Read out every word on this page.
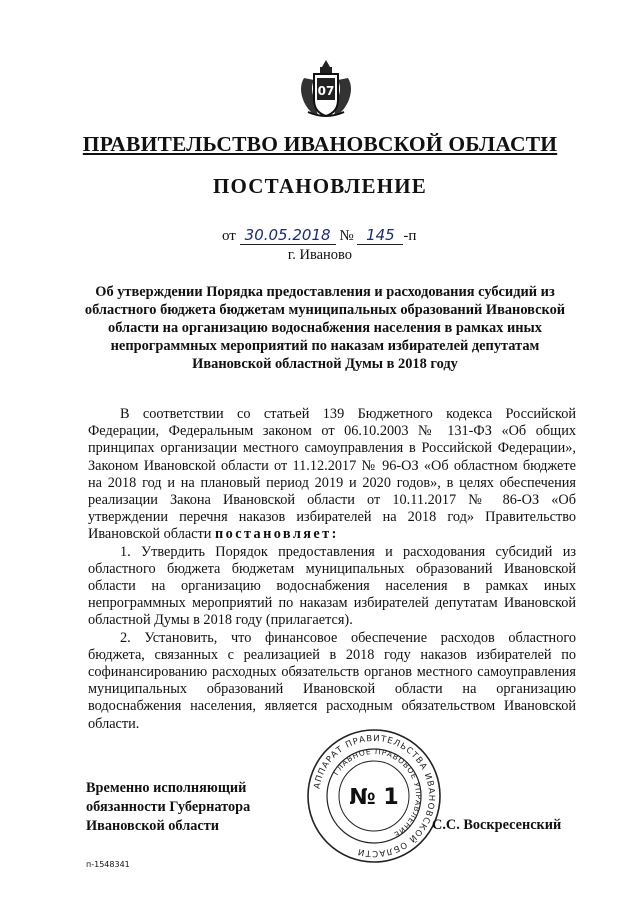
07
ПРАВИТЕЛЬСТВО ИВАНОВСКОЙ ОБЛАСТИ
ПОСТАНОВЛЕНИЕ
от 30.05.2018 № 145 -п
г. Иваново
Об утверждении Порядка предоставления и расходования субсидий из областного бюджета бюджетам муниципальных образований Ивановской области на организацию водоснабжения населения в рамках иных непрограммных мероприятий по наказам избирателей депутатам Ивановской областной Думы в 2018 году

В соответствии со статьей 139 Бюджетного кодекса Российской Федерации, Федеральным законом от 06.10.2003 № 131-ФЗ «Об общих принципах организации местного самоуправления в Российской Федерации», Законом Ивановской области от 11.12.2017 № 96-ОЗ «Об областном бюджете на 2018 год и на плановый период 2019 и 2020 годов», в целях обеспечения реализации Закона Ивановской области от 10.11.2017 № 86-ОЗ «Об утверждении перечня наказов избирателей на 2018 год» Правительство Ивановской области постановляет:

1. Утвердить Порядок предоставления и расходования субсидий из областного бюджета бюджетам муниципальных образований Ивановской области на организацию водоснабжения населения в рамках иных непрограммных мероприятий по наказам избирателей депутатам Ивановской областной Думы в 2018 году (прилагается).

2. Установить, что финансовое обеспечение расходов областного бюджета, связанных с реализацией в 2018 году наказов избирателей по софинансированию расходных обязательств органов местного самоуправления муниципальных образований Ивановской области на организацию водоснабжения населения, является расходным обязательством Ивановской области.

Временно исполняющий
обязанности Губернатора
Ивановской области
АППАРАТ ПРАВИТЕЛЬСТВА ИВАНОВСКОЙ ОБЛАСТИ
ГЛАВНОЕ ПРАВОВОЕ УПРАВЛЕНИЕ
№ 1
С.С. Воскресенский
п-1548341
